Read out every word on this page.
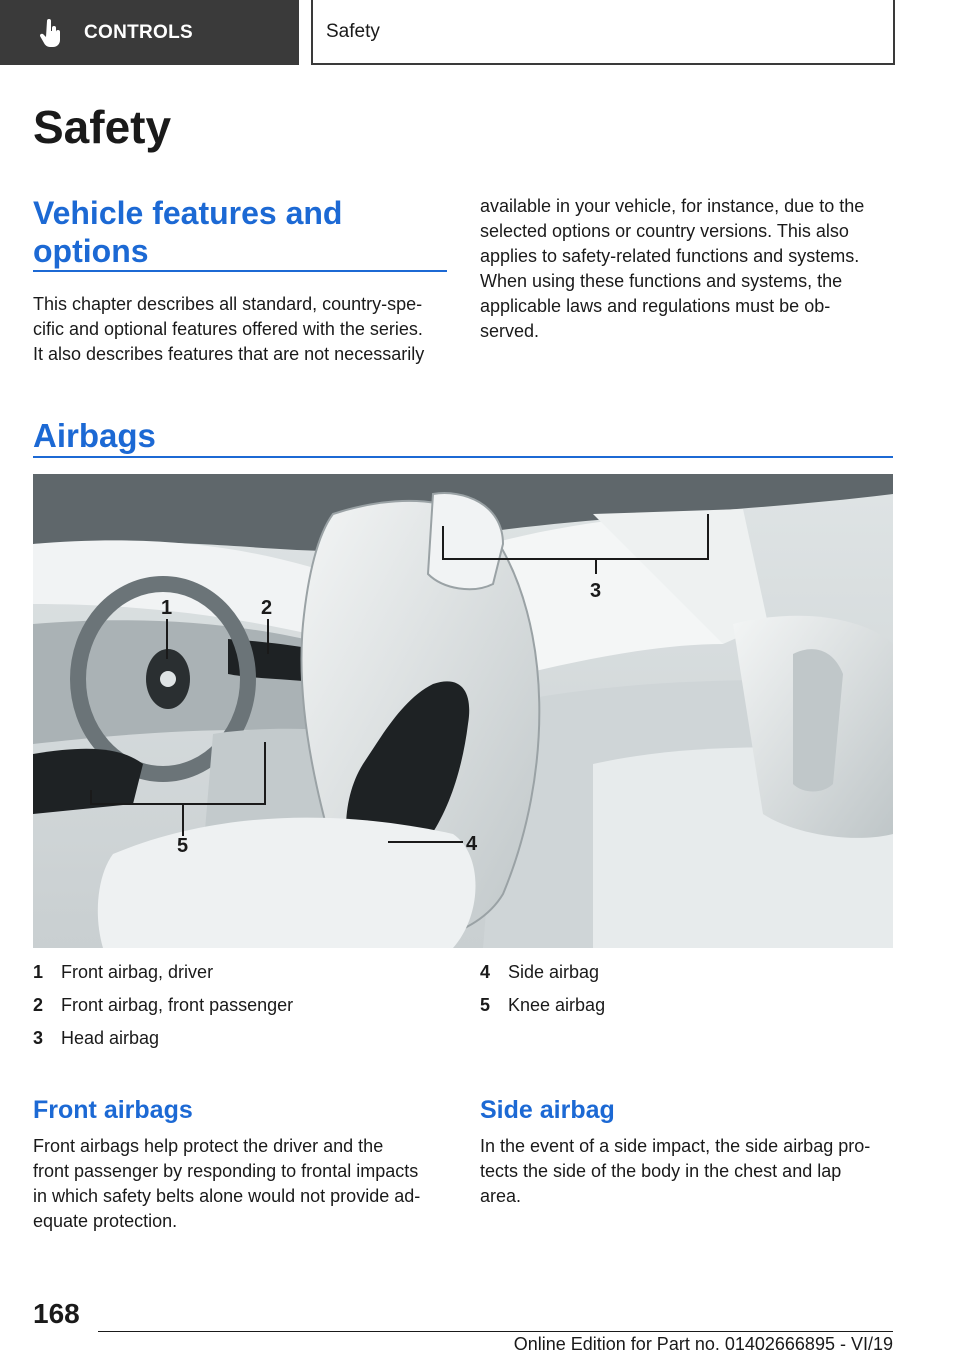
CONTROLS	Safety
Safety
Vehicle features and
options
This chapter describes all standard, country-spe‐
cific and optional features offered with the series.
It also describes features that are not necessarily
available in your vehicle, for instance, due to the
selected options or country versions. This also
applies to safety-related functions and systems.
When using these functions and systems, the
applicable laws and regulations must be ob‐
served.
Airbags
1	2
3
4
5
1 Front airbag, driver
2 Front airbag, front passenger
3 Head airbag
4 Side airbag
5 Knee airbag
Front airbags
Front airbags help protect the driver and the
front passenger by responding to frontal impacts
in which safety belts alone would not provide ad‐
equate protection.
Side airbag
In the event of a side impact, the side airbag pro‐
tects the side of the body in the chest and lap
area.
168
Online Edition for Part no. 01402666895 - VI/19
